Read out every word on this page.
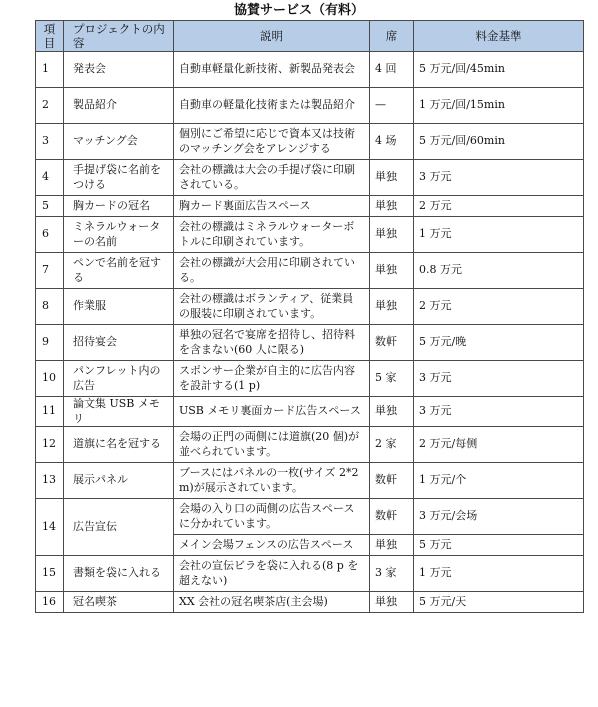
協賛サービス（有料）
項目	プロジェクトの内容	説明	席	料金基準
1	発表会	自動車軽量化新技術、新製品発表会	4 回	5 万元/回/45min
2	製品紹介	自動車の軽量化技術または製品紹介	—	1 万元/回/15min
3	マッチング会	個別にご希望に応じで資本又は技術のマッチング会をアレンジする	4 场	5 万元/回/60min
4	手提げ袋に名前をつける	会社の標識は大会の手提げ袋に印刷されている。	単独	3 万元
5	胸カードの冠名	胸カード裏面広告スペース	単独	2 万元
6	ミネラルウォーターの名前	会社の標識はミネラルウォーターボトルに印刷されています。	単独	1 万元
7	ペンで名前を冠する	会社の標識が大会用に印刷されている。	単独	0.8 万元
8	作業服	会社の標識はボランティア、従業員の服装に印刷されています。	単独	2 万元
9	招待宴会	単独の冠名で宴席を招待し、招待料を含まない(60 人に限る)	数軒	5 万元/晚
10	パンフレット内の広告	スポンサー企業が自主的に広告内容を設計する(1 p)	5 家	3 万元
11	論文集 USB メモリ	USB メモリ裏面カード広告スペース	単独	3 万元
12	道旗に名を冠する	会場の正門の両側には道旗(20 個)が並べられています。	2 家	2 万元/每侧
13	展示パネル	ブースにはパネルの一枚(サイズ 2*2 m)が展示されています。	数軒	1 万元/个
14	広告宣伝	会場の入り口の両側の広告スペースに分かれています。	数軒	3 万元/会场
		メイン会場フェンスの広告スペース	単独	5 万元
15	書類を袋に入れる	会社の宣伝ビラを袋に入れる(8 p を超えない)	3 家	1 万元
16	冠名喫茶	XX 会社の冠名喫茶店(主会場)	単独	5 万元/天
